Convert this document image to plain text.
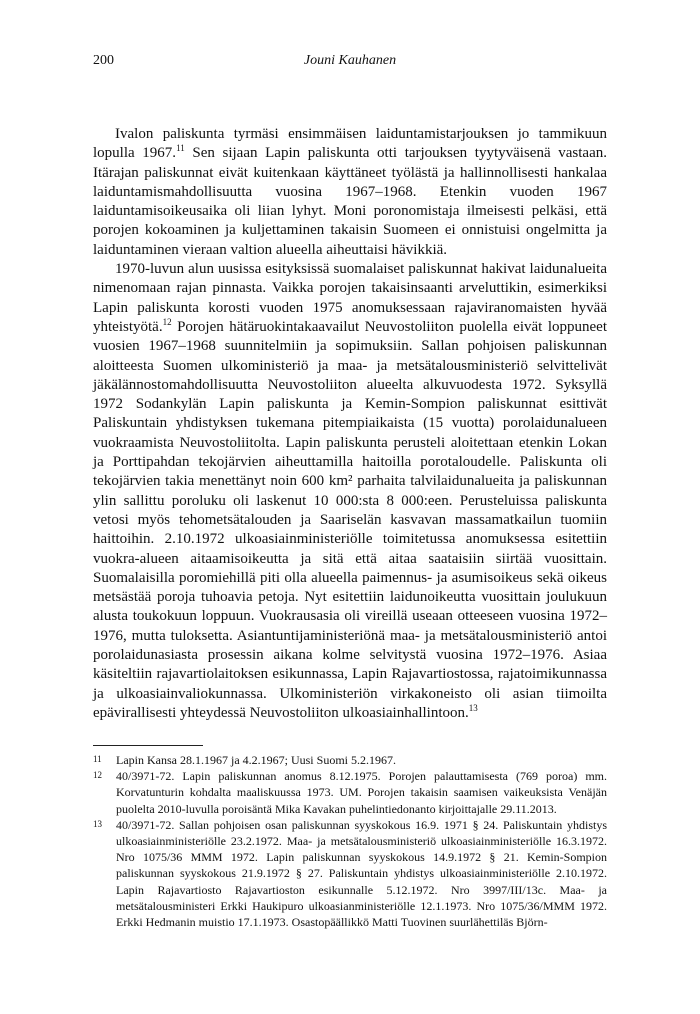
200	Jouni Kauhanen

Ivalon paliskunta tyrmäsi ensimmäisen laiduntamistarjouksen jo tammikuun lopulla 1967.11 Sen sijaan Lapin paliskunta otti tarjouksen tyytyväisenä vastaan. Itärajan paliskunnat eivät kuitenkaan käyttäneet työlästä ja hallinnollisesti hankalaa laiduntamismahdollisuutta vuosina 1967–1968. Etenkin vuoden 1967 laiduntamisoikeusaika oli liian lyhyt. Moni poronomistaja ilmeisesti pelkäsi, että porojen kokoaminen ja kuljettaminen takaisin Suomeen ei onnistuisi ongelmitta ja laiduntaminen vieraan valtion alueella aiheuttaisi hävikkiä.

1970-luvun alun uusissa esityksissä suomalaiset paliskunnat hakivat laidunalueita nimenomaan rajan pinnasta. Vaikka porojen takaisinsaanti arveluttikin, esimerkiksi Lapin paliskunta korosti vuoden 1975 anomuksessaan rajaviranomaisten hyvää yhteistyötä.$^{12}$ Porojen hätäruokintakaavailut Neuvostoliiton puolella eivät loppuneet vuosien 1967–1968 suunnitelmiin ja sopimuksiin. Sallan pohjoisen paliskunnan aloitteesta Suomen ulkoministeriö ja maa- ja metsätalousministeriö selvittelivät jäkälännostomahdollisuutta Neuvostoliiton alueelta alkuvuodesta 1972. Syksyllä 1972 Sodankylän Lapin paliskunta ja Kemin-Sompion paliskunnat esittivät Paliskuntain yhdistyksen tukemana pitempiaikaista (15 vuotta) porolaidunalueen vuokraamista Neuvostoliitolta. Lapin paliskunta perusteli aloitettaan etenkin Lokan ja Porttipahdan tekojärvien aiheuttamilla haitoilla porotaloudelle. Paliskunta oli tekojärvien takia menettänyt noin 600 km² parhaita talvilaidunalueita ja paliskunnan ylin sallittu poroluku oli laskenut 10 000:sta 8 000:een. Perusteluissa paliskunta vetosi myös tehometsätalouden ja Saariselän kasvavan massamatkailun tuomiin haittoihin. 2.10.1972 ulkoasiainministeriölle toimitetussa anomuksessa esitettiin vuokra-alueen aitaamisoikeutta ja sitä että aitaa saataisiin siirtää vuosittain. Suomalaisilla poromiehillä piti olla alueella paimennus- ja asumisoikeus sekä oikeus metsästää poroja tuhoavia petoja. Nyt esitettiin laidunoikeutta vuosittain joulukuun alusta toukokuun loppuun. Vuokrausasia oli vireillä useaan otteeseen vuosina 1972–1976, mutta tuloksetta. Asiantuntijaministeriönä maa- ja metsätalousministeriö antoi porolaidunasiasta prosessin aikana kolme selvitystä vuosina 1972–1976. Asiaa käsiteltiin rajavartiolaitoksen esikunnassa, Lapin Rajavartiostossa, rajatoimikunnassa ja ulkoasiainvaliokunnassa. Ulkoministeriön virkakoneisto oli asian tiimoilta epävirallisesti yhteydessä Neuvostoliiton ulkoasiainhallintoon.$^{13}$

11	Lapin Kansa 28.1.1967 ja 4.2.1967; Uusi Suomi 5.2.1967.
12	40/3971-72. Lapin paliskunnan anomus 8.12.1975. Porojen palauttamisesta (769 poroa) mm. Korvatunturin kohdalta maaliskuussa 1973. UM. Porojen takaisin saamisen vaikeuksista Venäjän puolelta 2010-luvulla poroisäntä Mika Kavakan puhelintiedonanto kirjoittajalle 29.11.2013.
13	40/3971-72. Sallan pohjoisen osan paliskunnan syyskokous 16.9. 1971 § 24. Paliskuntain yhdistys ulkoasiainministeriölle 23.2.1972. Maa- ja metsätalousministeriö ulkoasiainministeriölle 16.3.1972. Nro 1075/36 MMM 1972. Lapin paliskunnan syyskokous 14.9.1972 § 21. Kemin-Sompion paliskunnan syyskokous 21.9.1972 § 27. Paliskuntain yhdistys ulkoasiainministeriölle 2.10.1972. Lapin Rajavartiosto Rajavartioston esikunnalle 5.12.1972. Nro 3997/III/13c. Maa- ja metsätalousministeri Erkki Haukipuro ulkoasianministeriölle 12.1.1973. Nro 1075/36/MMM 1972. Erkki Hedmanin muistio 17.1.1973. Osastopäällikkö Matti Tuovinen suurlähettiläs Björn-
